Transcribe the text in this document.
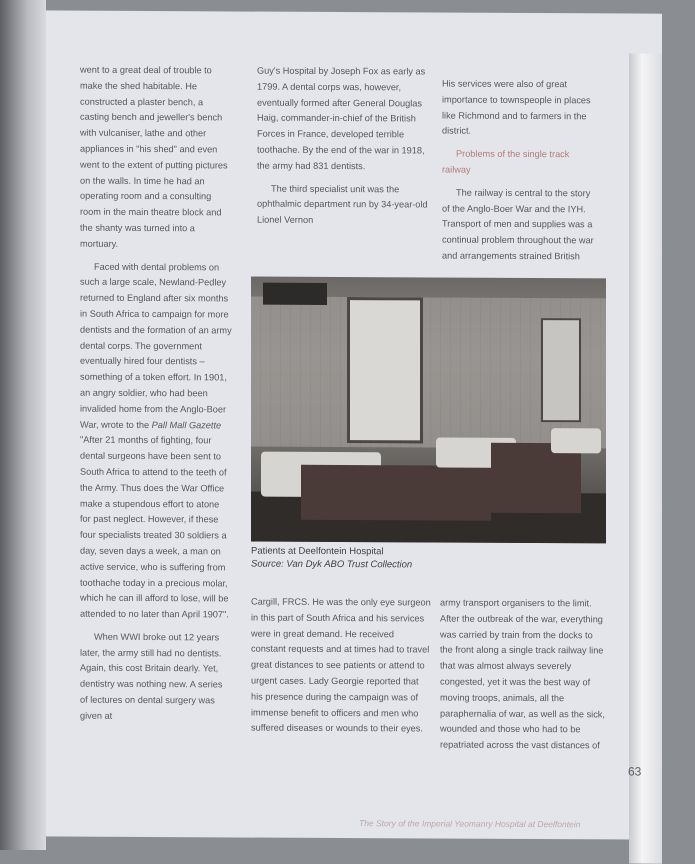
went to a great deal of trouble to make the shed habitable. He constructed a plaster bench, a casting bench and jeweller's bench with vulcaniser, lathe and other appliances in "his shed" and even went to the extent of putting pictures on the walls. In time he had an operating room and a consulting room in the main theatre block and the shanty was turned into a mortuary.

Faced with dental problems on such a large scale, Newland-Pedley returned to England after six months in South Africa to campaign for more dentists and the formation of an army dental corps. The government eventually hired four dentists – something of a token effort. In 1901, an angry soldier, who had been invalided home from the Anglo-Boer War, wrote to the Pall Mall Gazette "After 21 months of fighting, four dental surgeons have been sent to South Africa to attend to the teeth of the Army. Thus does the War Office make a stupendous effort to atone for past neglect. However, if these four specialists treated 30 soldiers a day, seven days a week, a man on active service, who is suffering from toothache today in a precious molar, which he can ill afford to lose, will be attended to no later than April 1907".

When WWI broke out 12 years later, the army still had no dentists. Again, this cost Britain dearly. Yet, dentistry was nothing new. A series of lectures on dental surgery was given at

Guy's Hospital by Joseph Fox as early as 1799. A dental corps was, however, eventually formed after General Douglas Haig, commander-in-chief of the British Forces in France, developed terrible toothache. By the end of the war in 1918, the army had 831 dentists.

The third specialist unit was the ophthalmic department run by 34-year-old Lionel Vernon

His services were also of great importance to townspeople in places like Richmond and to farmers in the district.

Problems of the single track railway

The railway is central to the story of the Anglo-Boer War and the IYH. Transport of men and supplies was a continual problem throughout the war and arrangements strained British

Patients at Deelfontein Hospital
Source: Van Dyk ABO Trust Collection

Cargill, FRCS. He was the only eye surgeon in this part of South Africa and his services were in great demand. He received constant requests and at times had to travel great distances to see patients or attend to urgent cases. Lady Georgie reported that his presence during the campaign was of immense benefit to officers and men who suffered diseases or wounds to their eyes.

army transport organisers to the limit. After the outbreak of the war, everything was carried by train from the docks to the front along a single track railway line that was almost always severely congested, yet it was the best way of moving troops, animals, all the paraphernalia of war, as well as the sick, wounded and those who had to be repatriated across the vast distances of

63
The Story of the Imperial Yeomanry Hospital at Deelfontein
